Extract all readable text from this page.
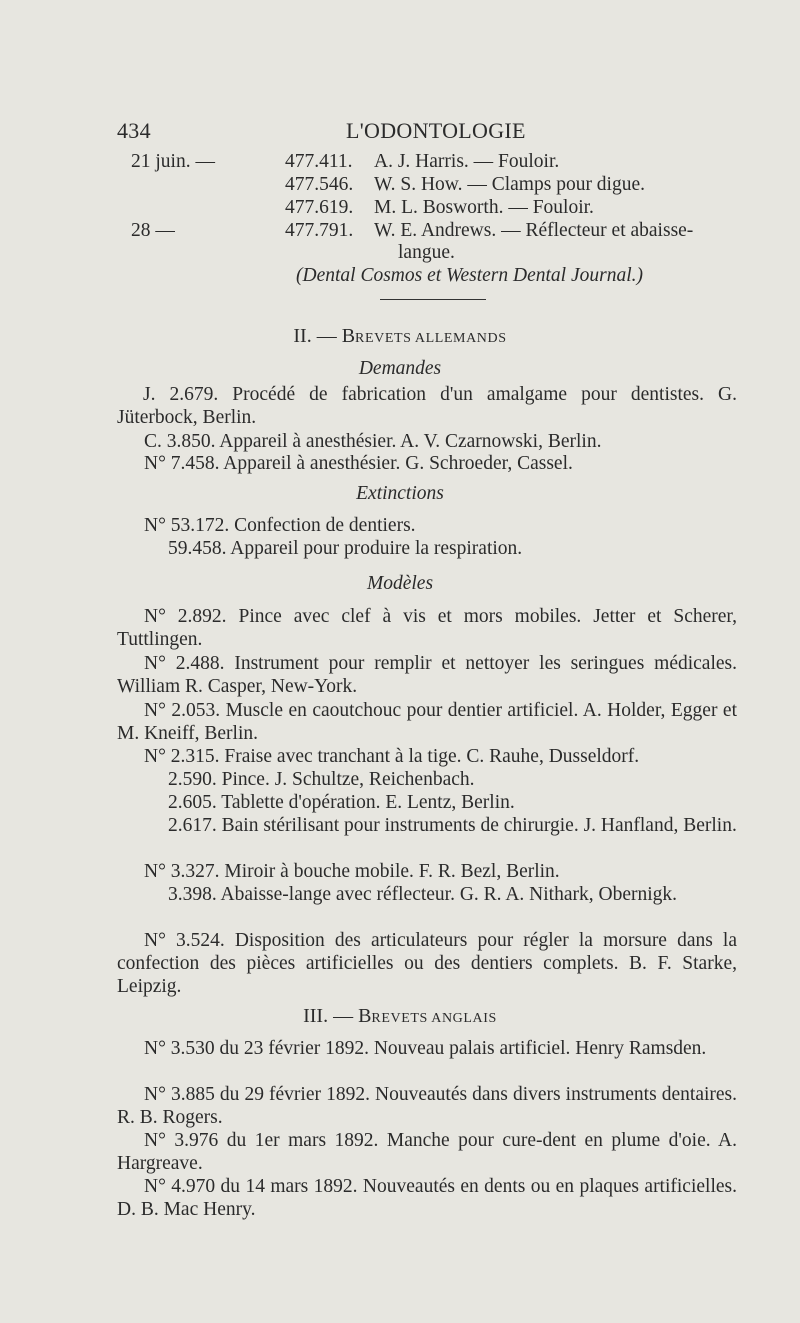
434	L'ODONTOLOGIE
21 juin. —	477.411. A. J. Harris. — Fouloir.
477.546. W. S. How. — Clamps pour digue.
477.619. M. L. Bosworth. — Fouloir.
28 —	477.791. W. E. Andrews. — Réflecteur et abaisse-
langue.
(Dental Cosmos et Western Dental Journal.)
II. — BREVETS ALLEMANDS
Demandes
J. 2.679. Procédé de fabrication d'un amalgame pour dentistes. G. Jüterbock, Berlin.
C. 3.850. Appareil à anesthésier. A. V. Czarnowski, Berlin.
N° 7.458. Appareil à anesthésier. G. Schroeder, Cassel.
Extinctions
N° 53.172. Confection de dentiers.
59.458. Appareil pour produire la respiration.
Modèles
N° 2.892. Pince avec clef à vis et mors mobiles. Jetter et Scherer, Tuttlingen.
N° 2.488. Instrument pour remplir et nettoyer les seringues médicales. William R. Casper, New-York.
N° 2.053. Muscle en caoutchouc pour dentier artificiel. A. Holder, Egger et M. Kneiff, Berlin.
N° 2.315. Fraise avec tranchant à la tige. C. Rauhe, Dusseldorf.
2.590. Pince. J. Schultze, Reichenbach.
2.605. Tablette d'opération. E. Lentz, Berlin.
2.617. Bain stérilisant pour instruments de chirurgie. J. Hanfland, Berlin.
N° 3.327. Miroir à bouche mobile. F. R. Bezl, Berlin.
3.398. Abaisse-lange avec réflecteur. G. R. A. Nithark, Obernigk.
N° 3.524. Disposition des articulateurs pour régler la morsure dans la confection des pièces artificielles ou des dentiers complets. B. F. Starke, Leipzig.
III. — BREVETS ANGLAIS
N° 3.530 du 23 février 1892. Nouveau palais artificiel. Henry Ramsden.
N° 3.885 du 29 février 1892. Nouveautés dans divers instruments dentaires. R. B. Rogers.
N° 3.976 du 1er mars 1892. Manche pour cure-dent en plume d'oie. A. Hargreave.
N° 4.970 du 14 mars 1892. Nouveautés en dents ou en plaques artificielles. D. B. Mac Henry.
